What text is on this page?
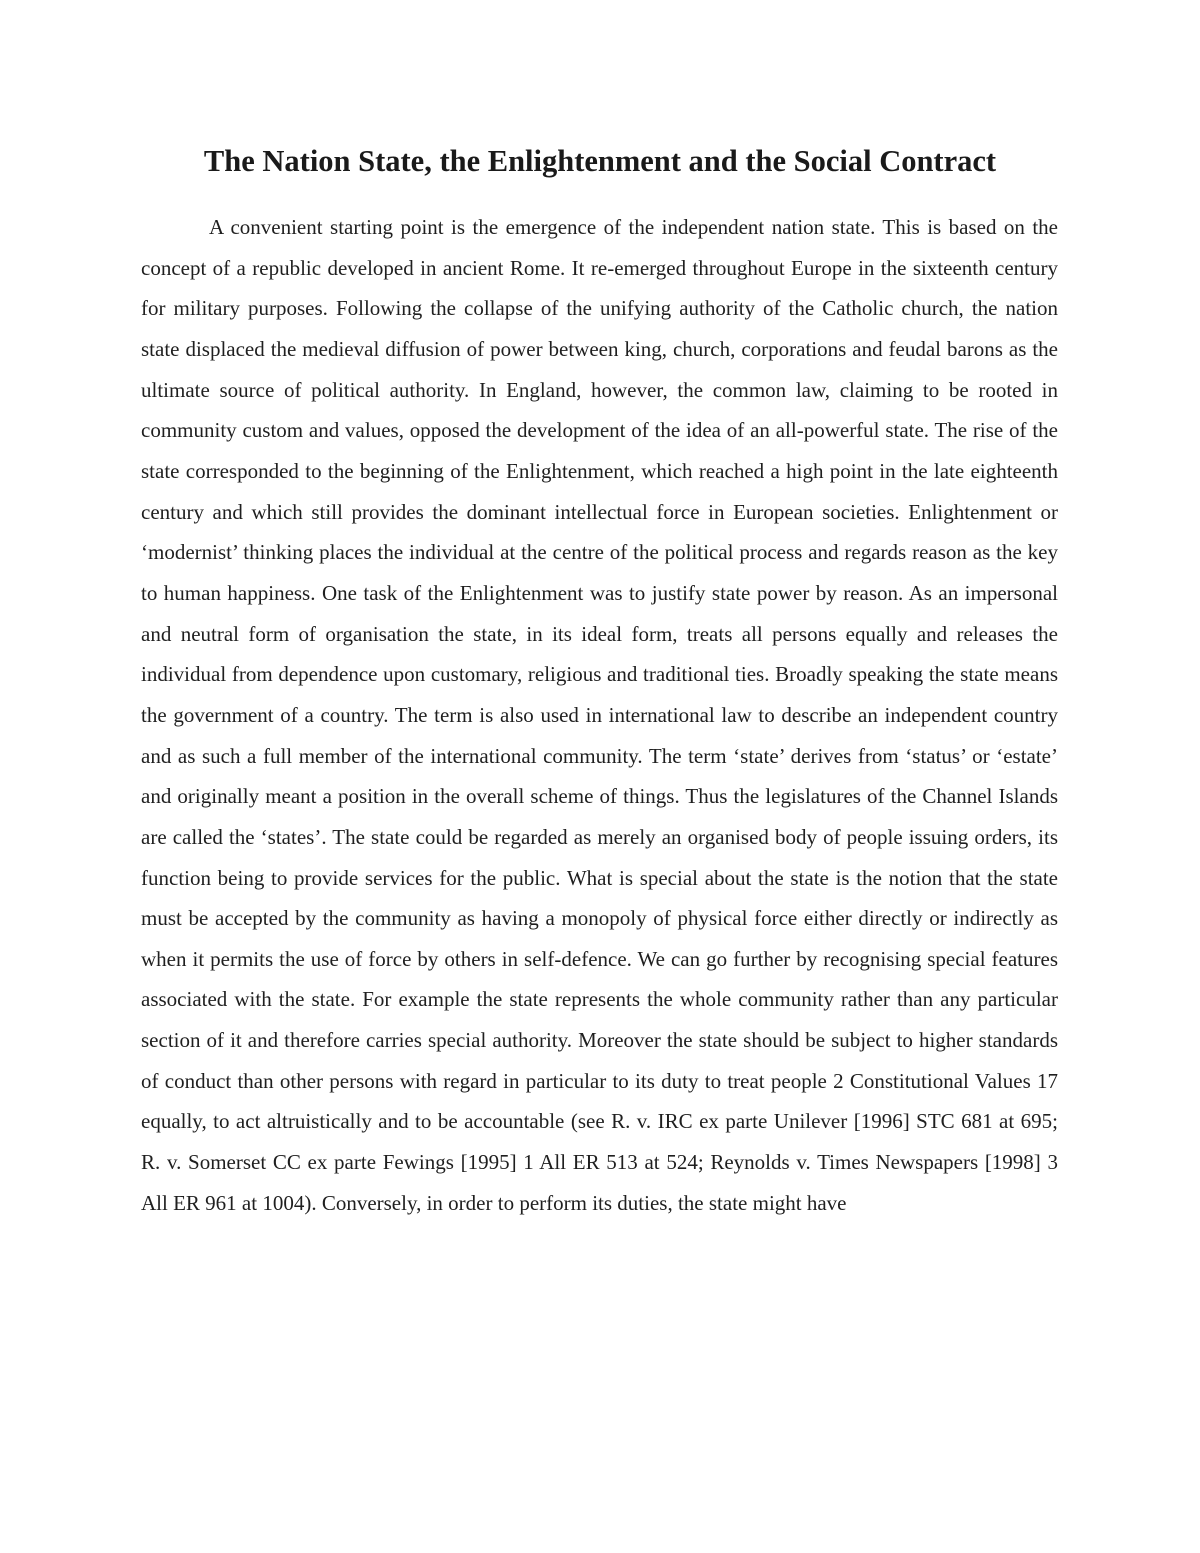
The Nation State, the Enlightenment and the Social Contract

A convenient starting point is the emergence of the independent nation state. This is based on the concept of a republic developed in ancient Rome. It re-emerged throughout Europe in the sixteenth century for military purposes. Following the collapse of the unifying authority of the Catholic church, the nation state displaced the medieval diffusion of power between king, church, corporations and feudal barons as the ultimate source of political authority. In England, however, the common law, claiming to be rooted in community custom and values, opposed the development of the idea of an all-powerful state. The rise of the state corresponded to the beginning of the Enlightenment, which reached a high point in the late eighteenth century and which still provides the dominant intellectual force in European societies. Enlightenment or ‘modernist’ thinking places the individual at the centre of the political process and regards reason as the key to human happiness. One task of the Enlightenment was to justify state power by reason. As an impersonal and neutral form of organisation the state, in its ideal form, treats all persons equally and releases the individual from dependence upon customary, religious and traditional ties. Broadly speaking the state means the government of a country. The term is also used in international law to describe an independent country and as such a full member of the international community. The term ‘state’ derives from ‘status’ or ‘estate’ and originally meant a position in the overall scheme of things. Thus the legislatures of the Channel Islands are called the ‘states’. The state could be regarded as merely an organised body of people issuing orders, its function being to provide services for the public. What is special about the state is the notion that the state must be accepted by the community as having a monopoly of physical force either directly or indirectly as when it permits the use of force by others in self-defence. We can go further by recognising special features associated with the state. For example the state represents the whole community rather than any particular section of it and therefore carries special authority. Moreover the state should be subject to higher standards of conduct than other persons with regard in particular to its duty to treat people 2 Constitutional Values 17 equally, to act altruistically and to be accountable (see R. v. IRC ex parte Unilever [1996] STC 681 at 695; R. v. Somerset CC ex parte Fewings [1995] 1 All ER 513 at 524; Reynolds v. Times Newspapers [1998] 3 All ER 961 at 1004). Conversely, in order to perform its duties, the state might have
